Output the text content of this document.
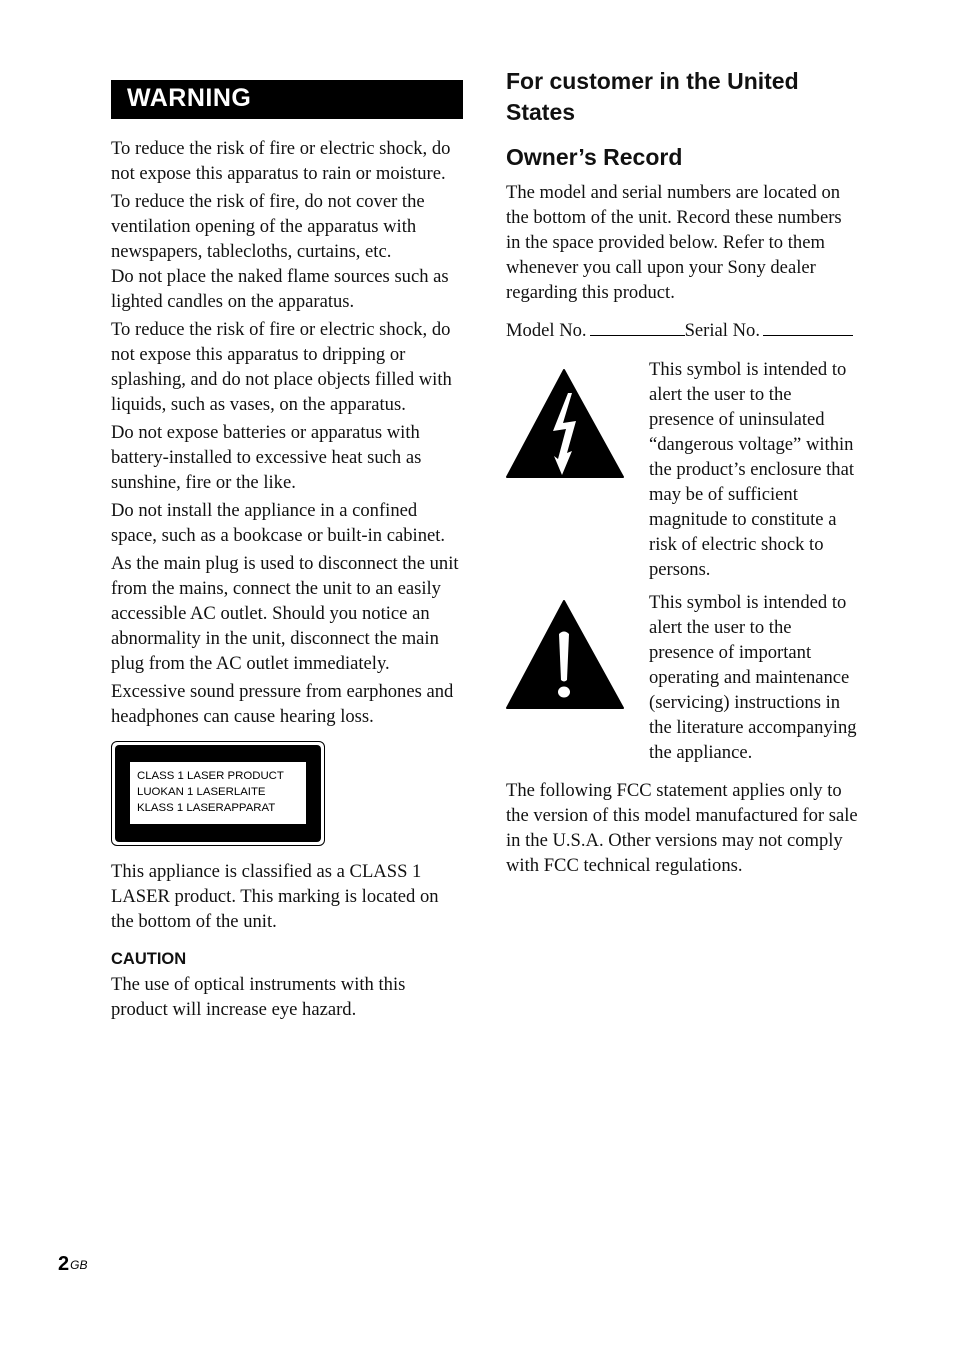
WARNING

To reduce the risk of fire or electric shock, do not expose this apparatus to rain or moisture.

To reduce the risk of fire, do not cover the ventilation opening of the apparatus with newspapers, tablecloths, curtains, etc.

Do not place the naked flame sources such as lighted candles on the apparatus.

To reduce the risk of fire or electric shock, do not expose this apparatus to dripping or splashing, and do not place objects filled with liquids, such as vases, on the apparatus.

Do not expose batteries or apparatus with battery-installed to excessive heat such as sunshine, fire or the like.

Do not install the appliance in a confined space, such as a bookcase or built-in cabinet.

As the main plug is used to disconnect the unit from the mains, connect the unit to an easily accessible AC outlet. Should you notice an abnormality in the unit, disconnect the main plug from the AC outlet immediately.

Excessive sound pressure from earphones and headphones can cause hearing loss.

CLASS 1 LASER PRODUCT
LUOKAN 1 LASERLAITE
KLASS 1 LASERAPPARAT

This appliance is classified as a CLASS 1 LASER product. This marking is located on the bottom of the unit.

CAUTION

The use of optical instruments with this product will increase eye hazard.

For customer in the United States
Owner’s Record

The model and serial numbers are located on the bottom of the unit. Record these numbers in the space provided below. Refer to them whenever you call upon your Sony dealer regarding this product.

Model No.	Serial No.

This symbol is intended to alert the user to the presence of uninsulated “dangerous voltage” within the product’s enclosure that may be of sufficient magnitude to constitute a risk of electric shock to persons.

This symbol is intended to alert the user to the presence of important operating and maintenance (servicing) instructions in the literature accompanying the appliance.

The following FCC statement applies only to the version of this model manufactured for sale in the U.S.A. Other versions may not comply with FCC technical regulations.

$2^{GB}$
